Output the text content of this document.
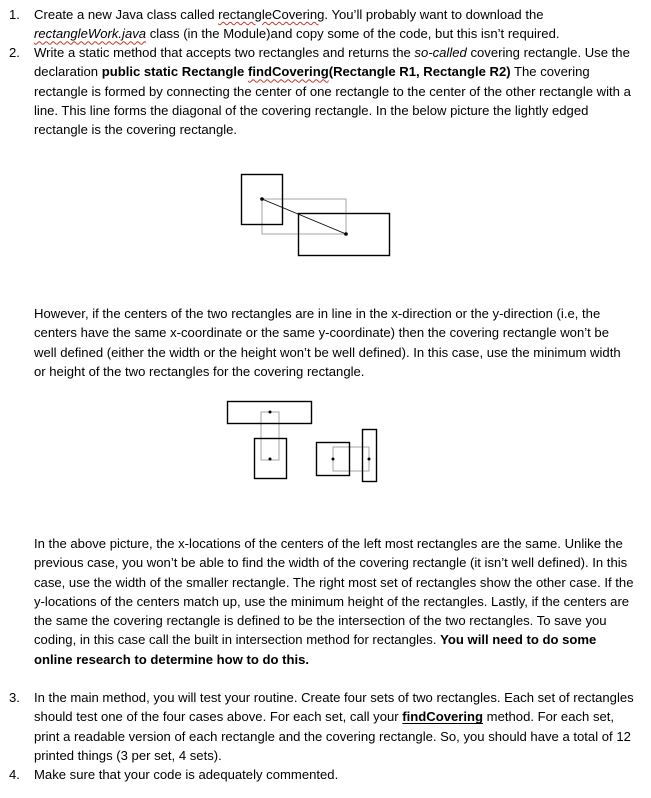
1. Create a new Java class called rectangleCovering. You’ll probably want to download the rectangleWork.java class (in the Module)and copy some of the code, but this isn’t required.
2. Write a static method that accepts two rectangles and returns the so-called covering rectangle. Use the declaration public static Rectangle findCovering(Rectangle R1, Rectangle R2) The covering rectangle is formed by connecting the center of one rectangle to the center of the other rectangle with a line. This line forms the diagonal of the covering rectangle. In the below picture the lightly edged rectangle is the covering rectangle.
However, if the centers of the two rectangles are in line in the x-direction or the y-direction (i.e, the centers have the same x-coordinate or the same y-coordinate) then the covering rectangle won’t be well defined (either the width or the height won’t be well defined). In this case, use the minimum width or height of the two rectangles for the covering rectangle.
In the above picture, the x-locations of the centers of the left most rectangles are the same. Unlike the previous case, you won’t be able to find the width of the covering rectangle (it isn’t well defined). In this case, use the width of the smaller rectangle. The right most set of rectangles show the other case. If the y-locations of the centers match up, use the minimum height of the rectangles. Lastly, if the centers are the same the covering rectangle is defined to be the intersection of the two rectangles. To save you coding, in this case call the built in intersection method for rectangles. You will need to do some online research to determine how to do this.
3. In the main method, you will test your routine. Create four sets of two rectangles. Each set of rectangles should test one of the four cases above. For each set, call your findCovering method. For each set, print a readable version of each rectangle and the covering rectangle. So, you should have a total of 12 printed things (3 per set, 4 sets).
4. Make sure that your code is adequately commented.
